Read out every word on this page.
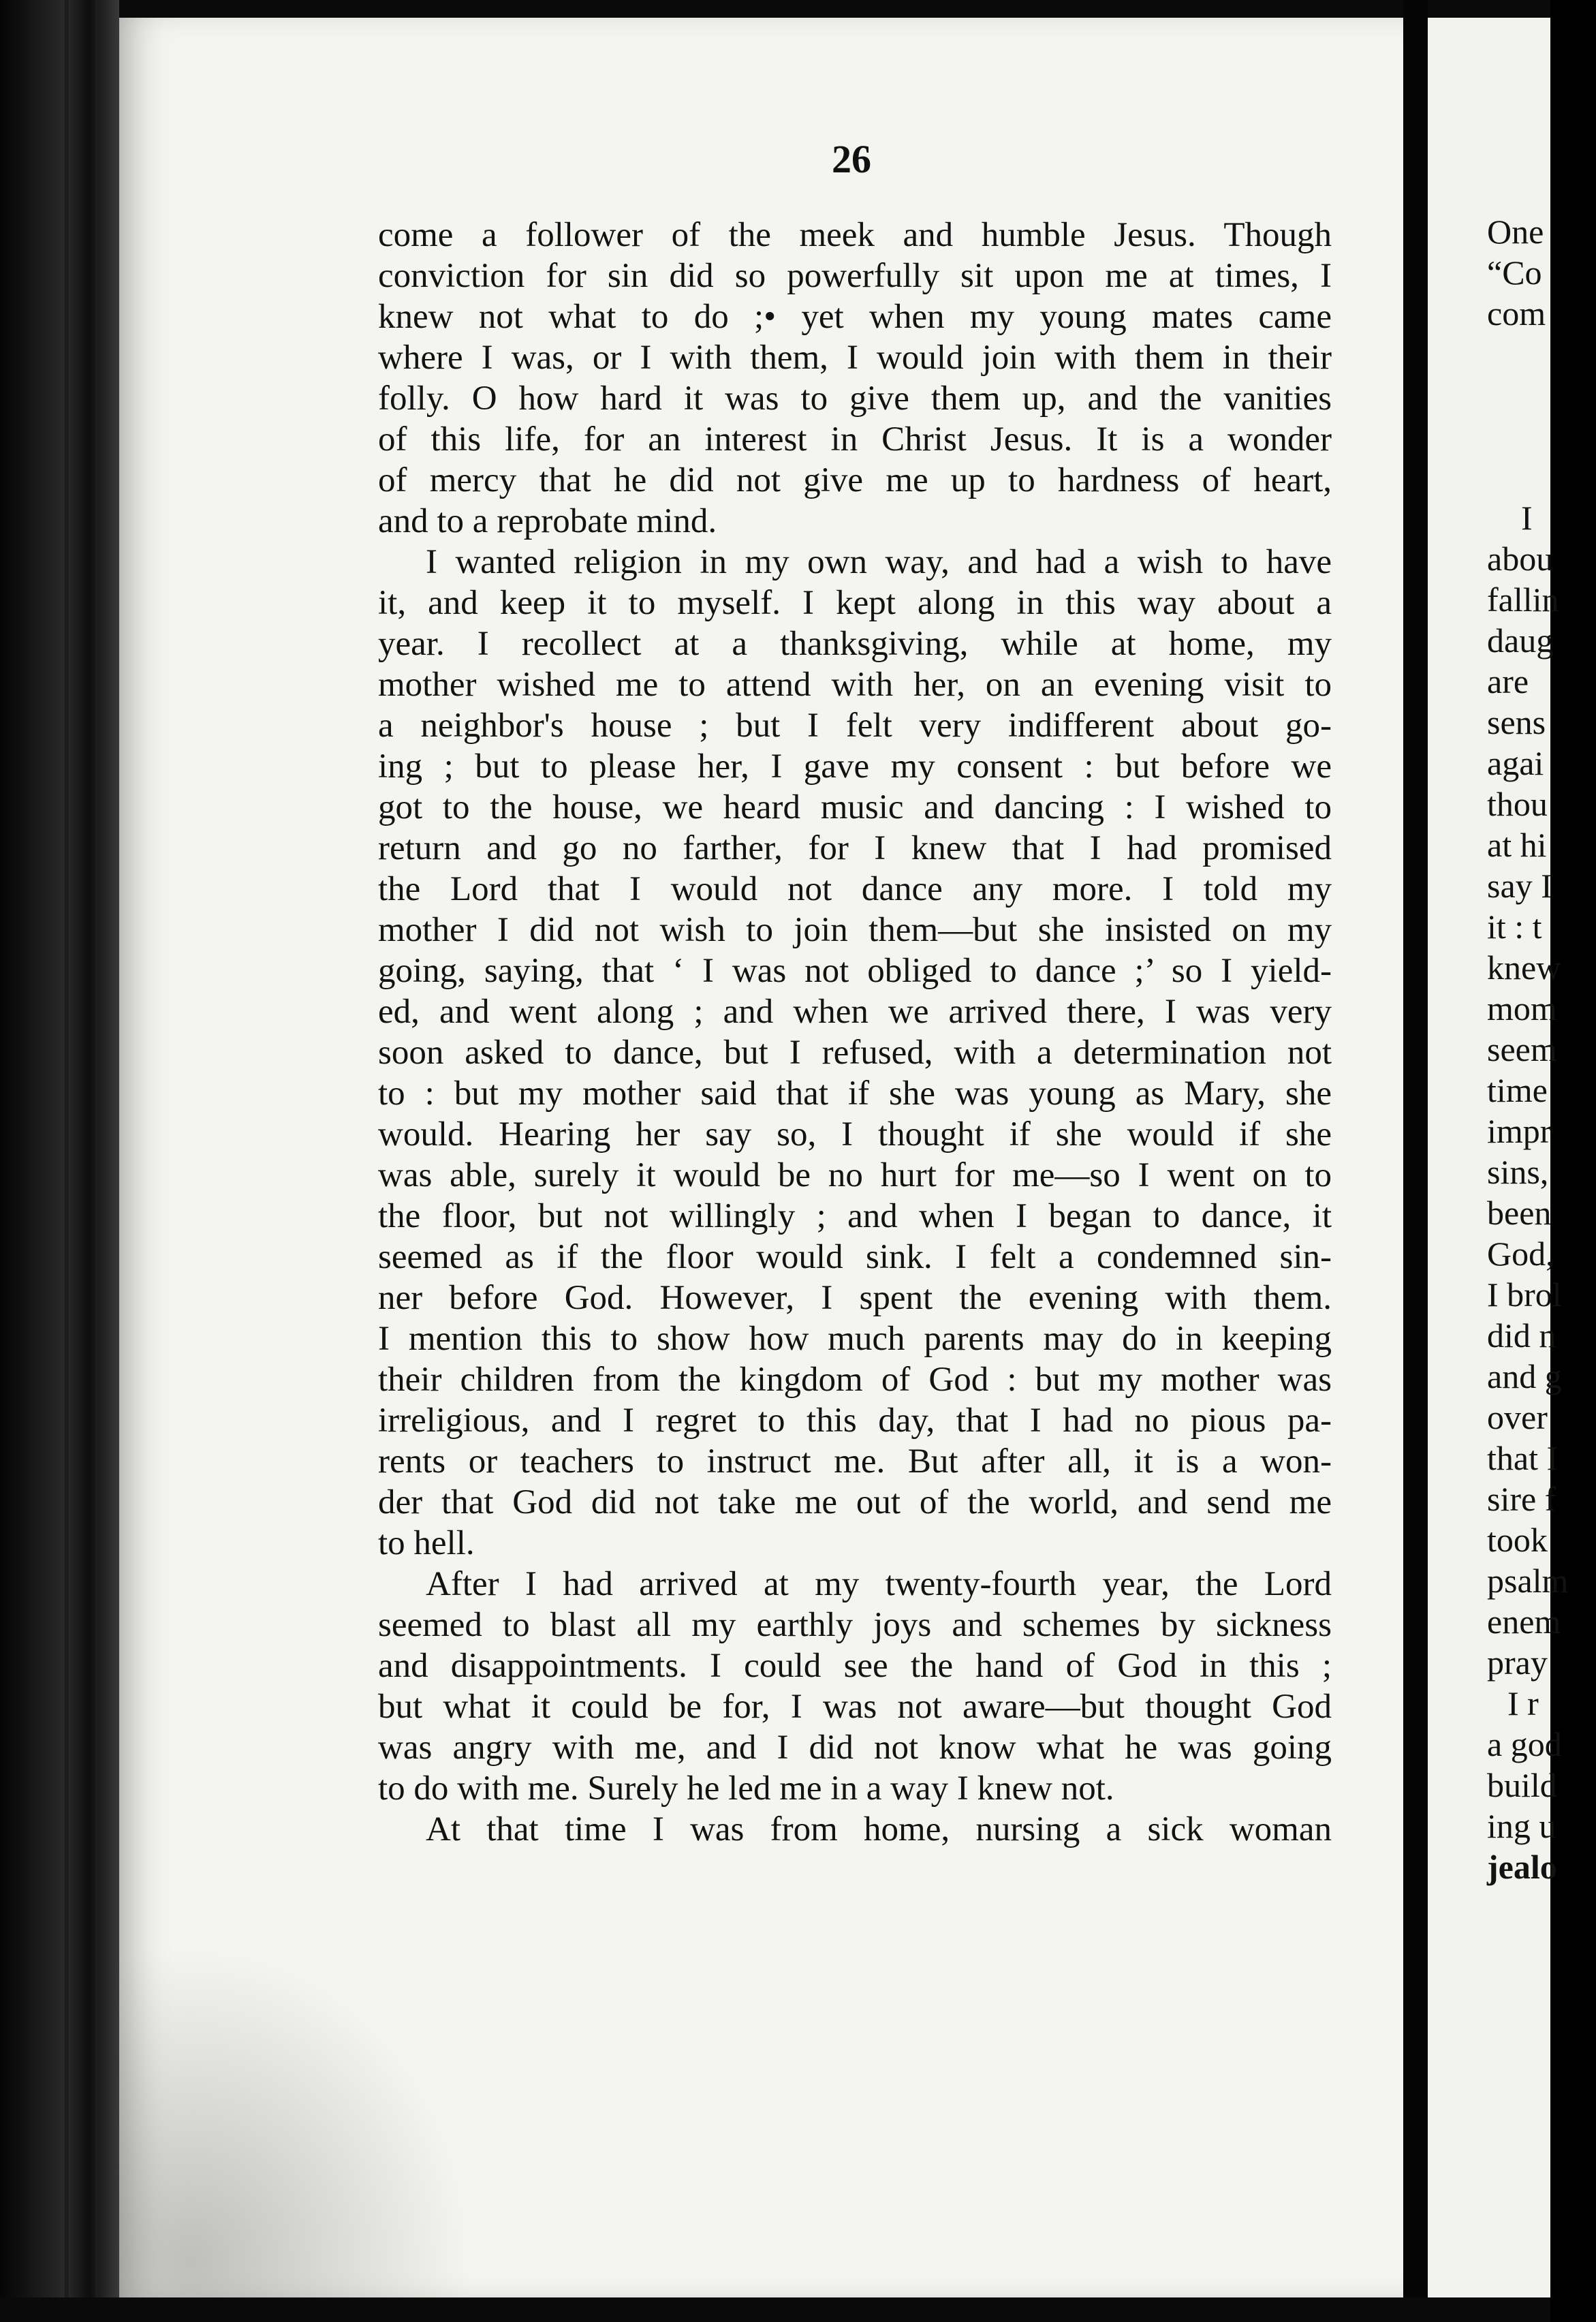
26
come a follower of the meek and humble Jesus. Though
conviction for sin did so powerfully sit upon me at times, I
knew not what to do ;• yet when my young mates came
where I was, or I with them, I would join with them in their
folly. O how hard it was to give them up, and the vanities
of this life, for an interest in Christ Jesus. It is a wonder
of mercy that he did not give me up to hardness of heart,
and to a reprobate mind.
I wanted religion in my own way, and had a wish to have
it, and keep it to myself. I kept along in this way about a
year. I recollect at a thanksgiving, while at home, my
mother wished me to attend with her, on an evening visit to
a neighbor's house ; but I felt very indifferent about go-
ing ; but to please her, I gave my consent : but before we
got to the house, we heard music and dancing : I wished to
return and go no farther, for I knew that I had promised
the Lord that I would not dance any more. I told my
mother I did not wish to join them—but she insisted on my
going, saying, that ‘ I was not obliged to dance ;’ so I yield-
ed, and went along ; and when we arrived there, I was very
soon asked to dance, but I refused, with a determination not
to : but my mother said that if she was young as Mary, she
would. Hearing her say so, I thought if she would if she
was able, surely it would be no hurt for me—so I went on to
the floor, but not willingly ; and when I began to dance, it
seemed as if the floor would sink. I felt a condemned sin-
ner before God. However, I spent the evening with them.
I mention this to show how much parents may do in keeping
their children from the kingdom of God : but my mother was
irreligious, and I regret to this day, that I had no pious pa-
rents or teachers to instruct me. But after all, it is a won-
der that God did not take me out of the world, and send me
to hell.
After I had arrived at my twenty-fourth year, the Lord
seemed to blast all my earthly joys and schemes by sickness
and disappointments. I could see the hand of God in this ;
but what it could be for, I was not aware—but thought God
was angry with me, and I did not know what he was going
to do with me. Surely he led me in a way I knew not.
At that time I was from home, nursing a sick woman
One
“Co
com
I
abou
fallin
daug
are
sens
agai
thou
at hi
say I
it : t
knew
mom
seem
time
impr
sins,
been
God,
I brol
did n
and g
over
that I
sire f
took
psalm
enem
pray
I r
a god
build
ing u
jealo
